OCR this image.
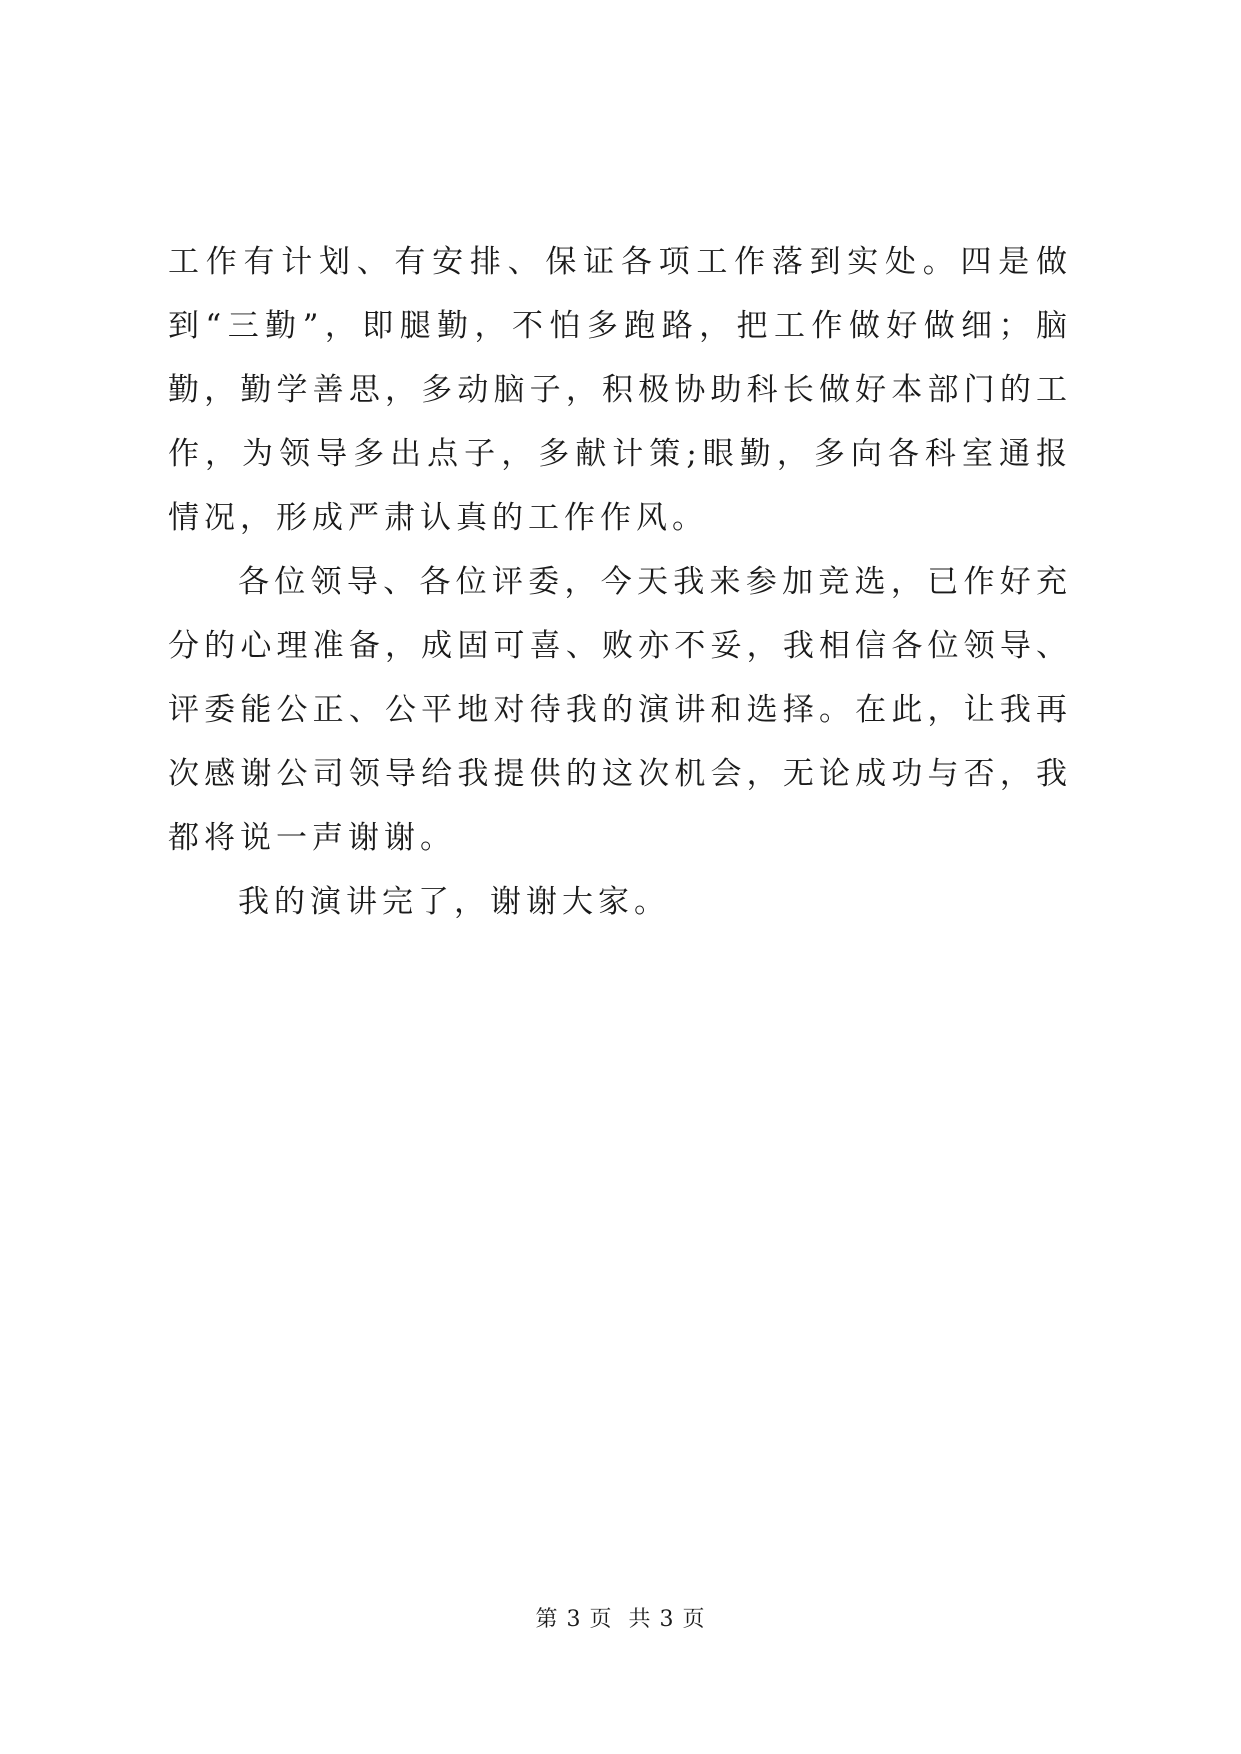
工作有计划、有安排、保证各项工作落到实处。四是做到“三勤”，即腿勤，不怕多跑路，把工作做好做细；脑勤，勤学善思，多动脑子，积极协助科长做好本部门的工作，为领导多出点子，多献计策;眼勤，多向各科室通报情况，形成严肃认真的工作作风。

各位领导、各位评委，今天我来参加竞选，已作好充分的心理准备，成固可喜、败亦不妥，我相信各位领导、评委能公正、公平地对待我的演讲和选择。在此，让我再次感谢公司领导给我提供的这次机会，无论成功与否，我都将说一声谢谢。

我的演讲完了，谢谢大家。

第 3 页 共 3 页
